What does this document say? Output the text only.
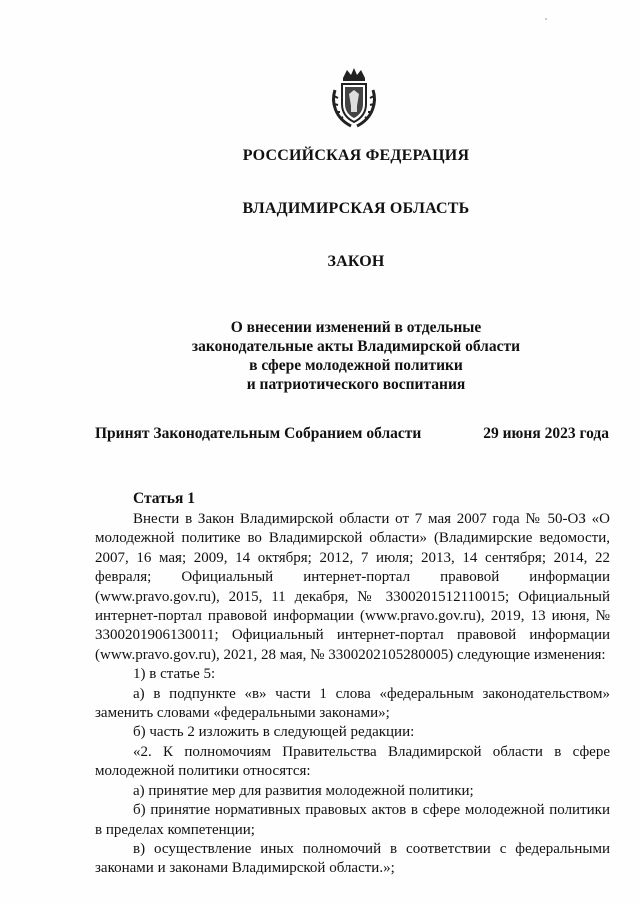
РОССИЙСКАЯ ФЕДЕРАЦИЯ
ВЛАДИМИРСКАЯ ОБЛАСТЬ
ЗАКОН
О внесении изменений в отдельные
законодательные акты Владимирской области
в сфере молодежной политики
и патриотического воспитания
Принят Законодательным Собранием области	29 июня 2023 года
Статья 1

Внести в Закон Владимирской области от 7 мая 2007 года № 50-ОЗ «О молодежной политике во Владимирской области» (Владимирские ведомости, 2007, 16 мая; 2009, 14 октября; 2012, 7 июля; 2013, 14 сентября; 2014, 22 февраля; Официальный интернет-портал правовой информации (www.pravo.gov.ru), 2015, 11 декабря, № 3300201512110015; Официальный интернет-портал правовой информации (www.pravo.gov.ru), 2019, 13 июня, № 3300201906130011; Официальный интернет-портал правовой информации (www.pravo.gov.ru), 2021, 28 мая, № 3300202105280005) следующие изменения:

1) в статье 5:

а) в подпункте «в» части 1 слова «федеральным законодательством» заменить словами «федеральными законами»;

б) часть 2 изложить в следующей редакции:

«2. К полномочиям Правительства Владимирской области в сфере молодежной политики относятся:

а) принятие мер для развития молодежной политики;

б) принятие нормативных правовых актов в сфере молодежной политики в пределах компетенции;

в) осуществление иных полномочий в соответствии с федеральными законами и законами Владимирской области.»;
